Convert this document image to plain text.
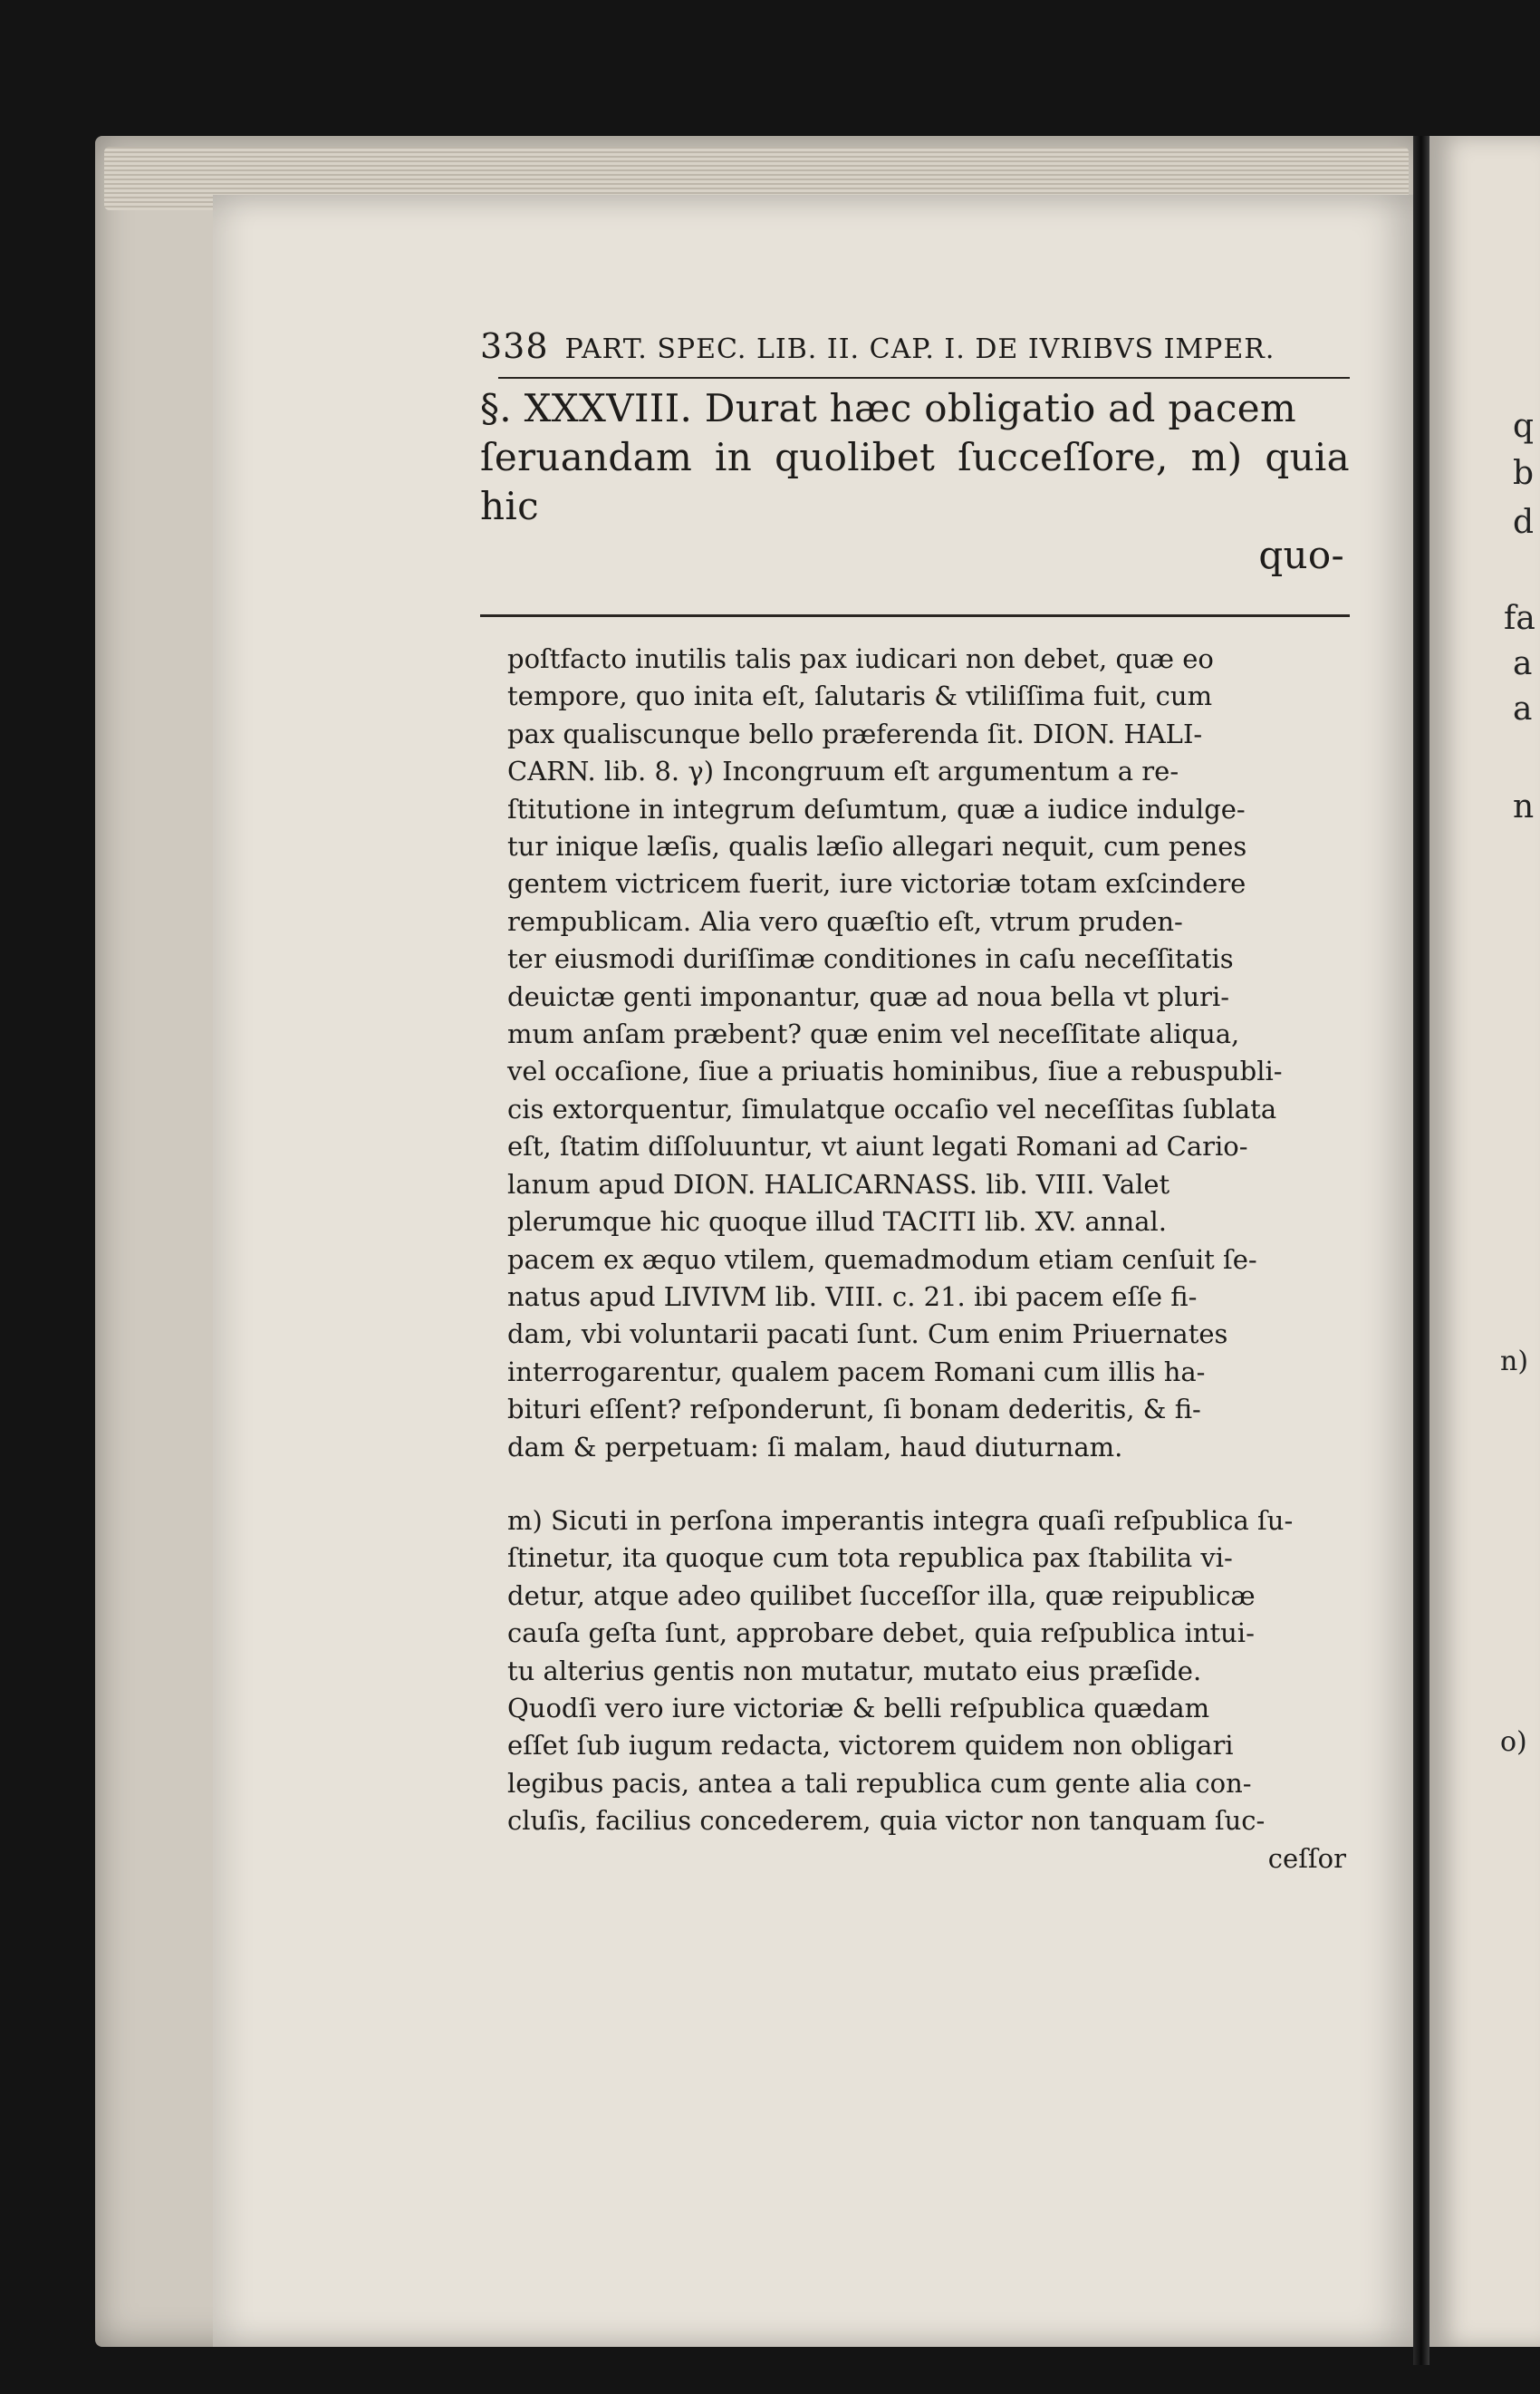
q
b
d
fa
a
a
n
n)
o)
338 PART. SPEC. LIB. II. CAP. I. DE IVRIBVS IMPER.

§. XXXVIII. Durat hæc obligatio ad pacem

ſeruandam in quolibet ſucceſſore, m) quia hic

quo-

poſtfacto inutilis talis pax iudicari non debet, quæ eo

tempore, quo inita eſt, ſalutaris & vtiliſſima fuit, cum

pax qualiscunque bello præferenda ſit. DION. HALI-

CARN. lib. 8. γ) Incongruum eſt argumentum a re-

ſtitutione in integrum deſumtum, quæ a iudice indulge-

tur inique læſis, qualis læſio allegari nequit, cum penes

gentem victricem fuerit, iure victoriæ totam exſcindere

rempublicam. Alia vero quæſtio eſt, vtrum pruden-

ter eiusmodi duriſſimæ conditiones in caſu neceſſitatis

deuictæ genti imponantur, quæ ad noua bella vt pluri-

mum anſam præbent? quæ enim vel neceſſitate aliqua,

vel occaſione, ſiue a priuatis hominibus, ſiue a rebuspubli-

cis extorquentur, ſimulatque occaſio vel neceſſitas ſublata

eſt, ſtatim diſſoluuntur, vt aiunt legati Romani ad Cario-

lanum apud DION. HALICARNASS. lib. VIII. Valet

plerumque hic quoque illud TACITI lib. XV. annal.

pacem ex æquo vtilem, quemadmodum etiam cenſuit ſe-

natus apud LIVIVM lib. VIII. c. 21. ibi pacem eſſe fi-

dam, vbi voluntarii pacati ſunt. Cum enim Priuernates

interrogarentur, qualem pacem Romani cum illis ha-

bituri eſſent? reſponderunt, ſi bonam dederitis, & fi-

dam & perpetuam: ſi malam, haud diuturnam.

m) Sicuti in perſona imperantis integra quaſi reſpublica ſu-

ſtinetur, ita quoque cum tota republica pax ſtabilita vi-

detur, atque adeo quilibet ſucceſſor illa, quæ reipublicæ

cauſa geſta ſunt, approbare debet, quia reſpublica intui-

tu alterius gentis non mutatur, mutato eius præſide.

Quodſi vero iure victoriæ & belli reſpublica quædam

eſſet ſub iugum redacta, victorem quidem non obligari

legibus pacis, antea a tali republica cum gente alia con-

cluſis, facilius concederem, quia victor non tanquam ſuc-

ceſſor
